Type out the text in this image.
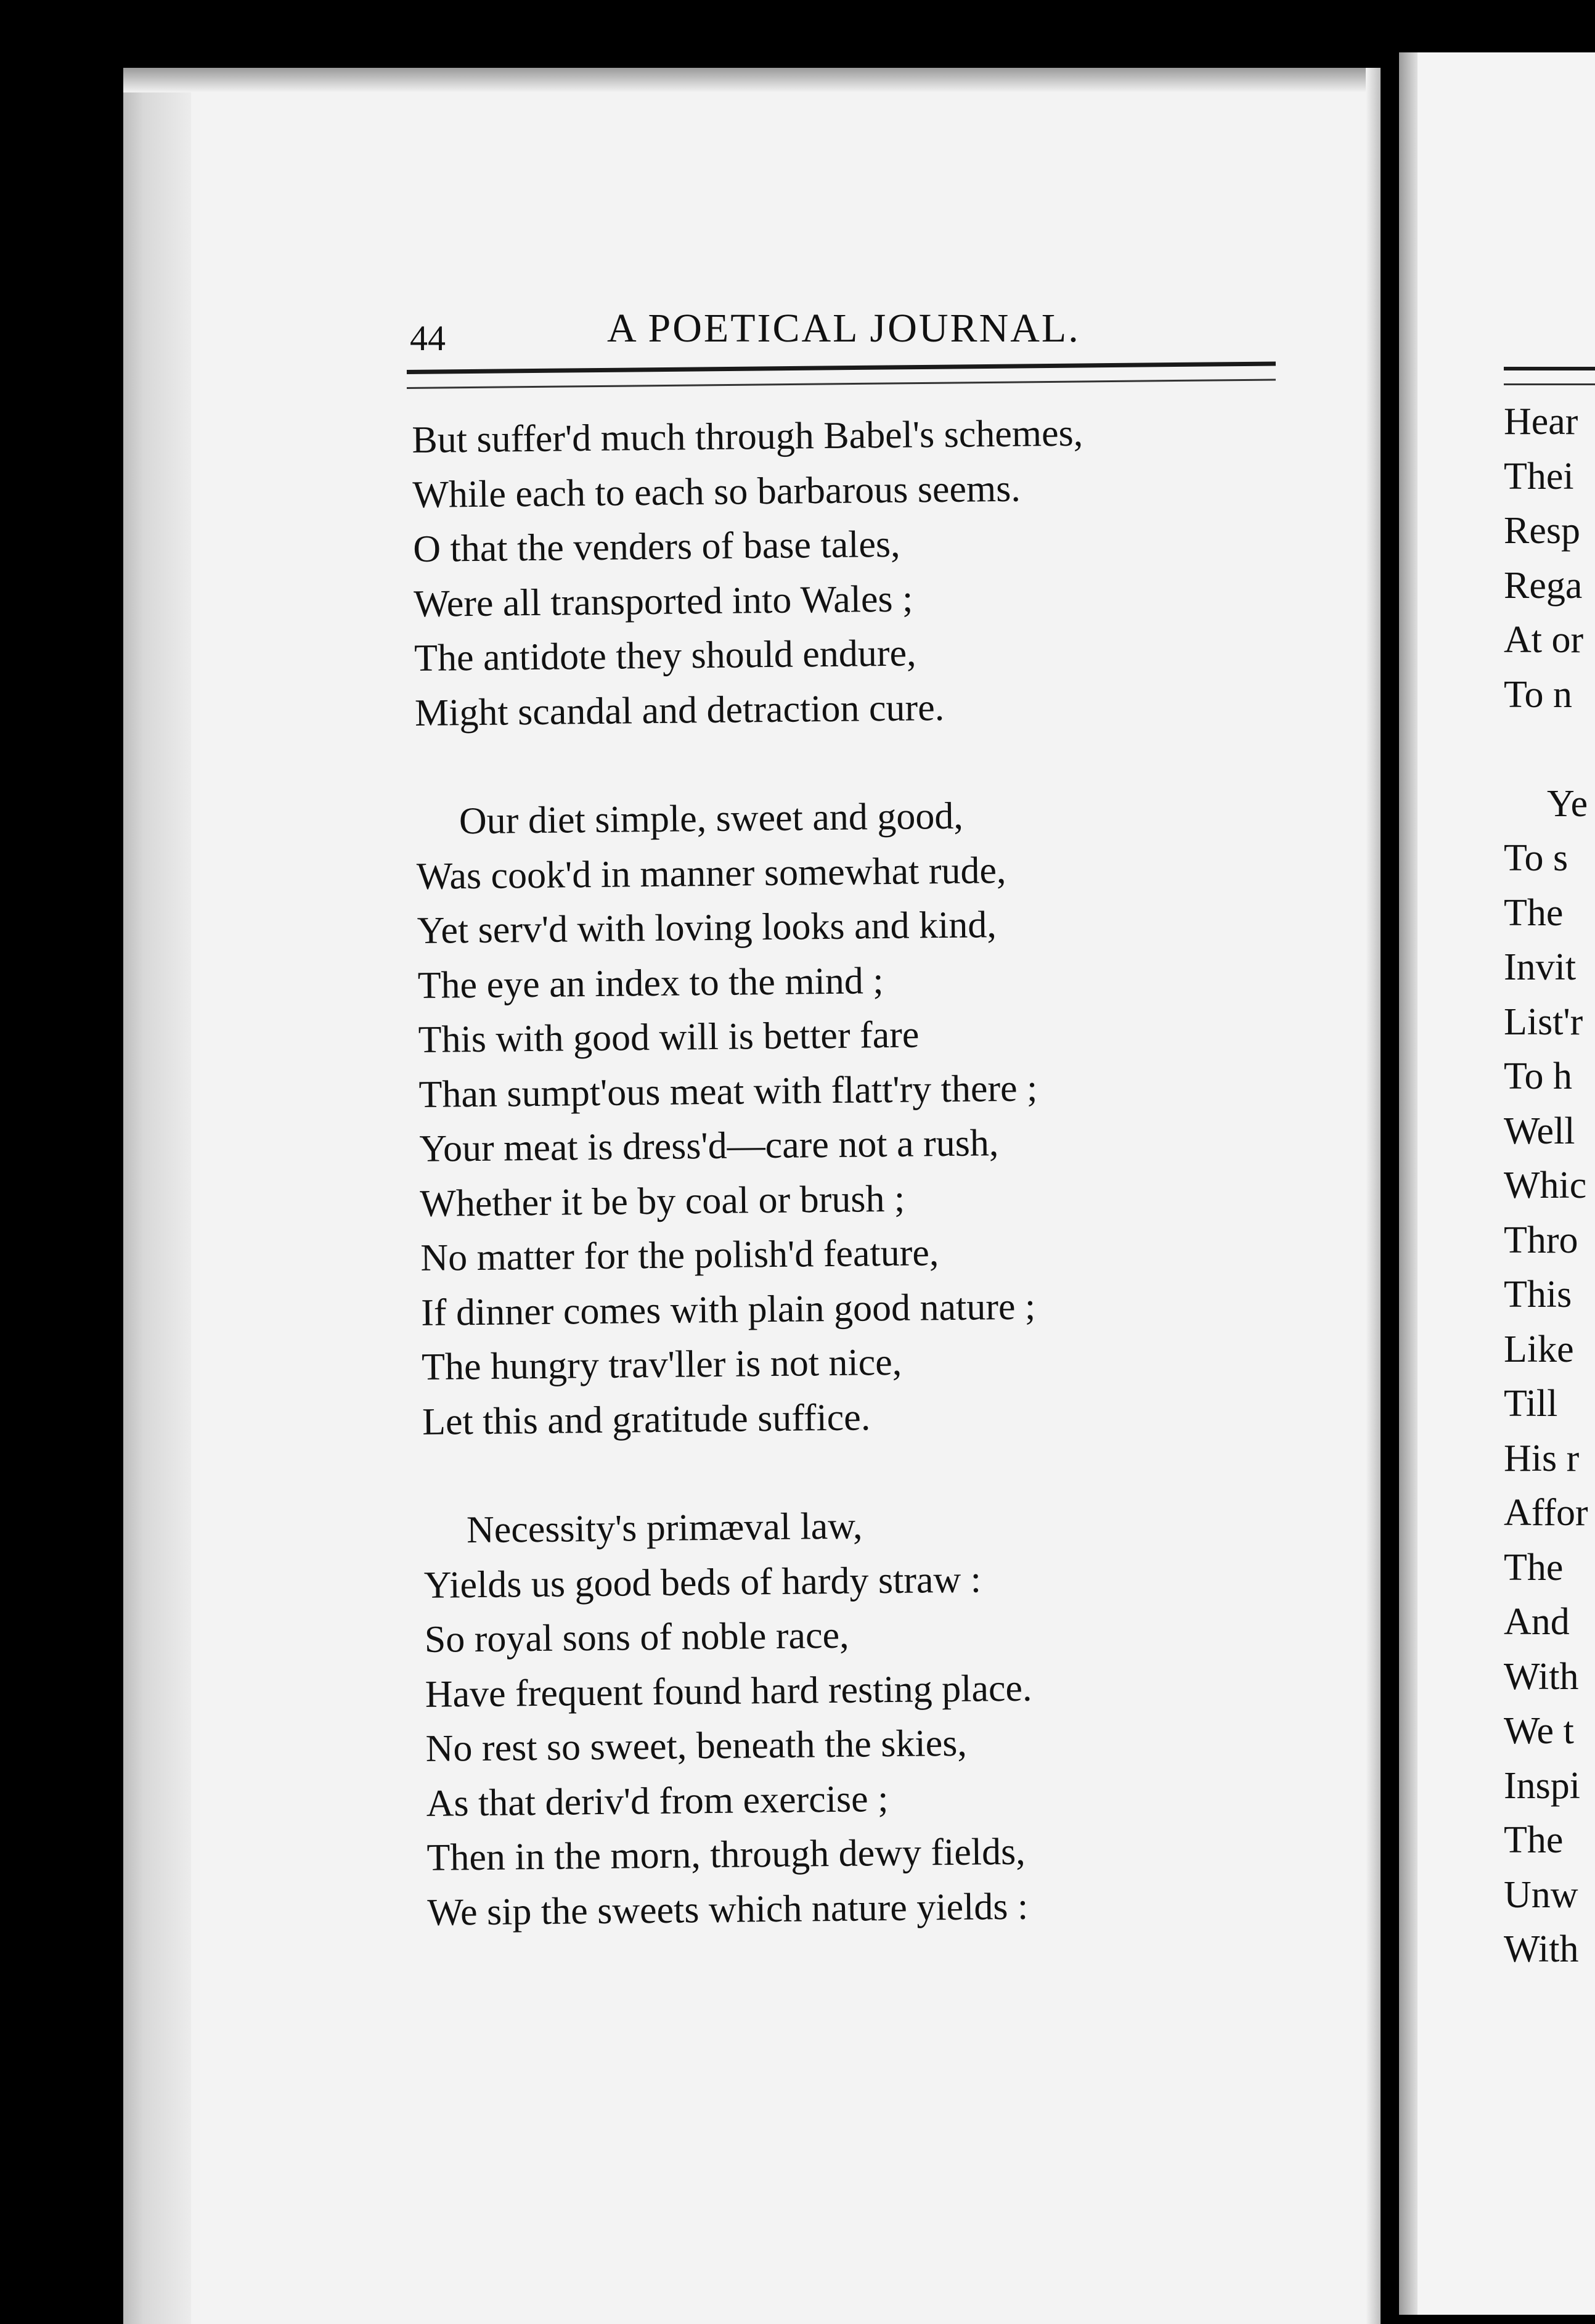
44	A POETICAL JOURNAL.
But suffer'd much through Babel's schemes,
While each to each so barbarous seems.
O that the venders of base tales,
Were all transported into Wales ;
The antidote they should endure,
Might scandal and detraction cure.
Our diet simple, sweet and good,
Was cook'd in manner somewhat rude,
Yet serv'd with loving looks and kind,
The eye an index to the mind ;
This with good will is better fare
Than sumpt'ous meat with flatt'ry there ;
Your meat is dress'd—care not a rush,
Whether it be by coal or brush ;
No matter for the polish'd feature,
If dinner comes with plain good nature ;
The hungry trav'ller is not nice,
Let this and gratitude suffice.
Necessity's primæval law,
Yields us good beds of hardy straw :
So royal sons of noble race,
Have frequent found hard resting place.
No rest so sweet, beneath the skies,
As that deriv'd from exercise ;
Then in the morn, through dewy fields,
We sip the sweets which nature yields :
Hear
Thei
Resp
Rega
At or
To n
Ye
To s
The
Invit
List'r
To h
Well
Whic
Thro
This
Like
Till
His r
Affor
The
And
With
We t
Inspi
The
Unw
With
